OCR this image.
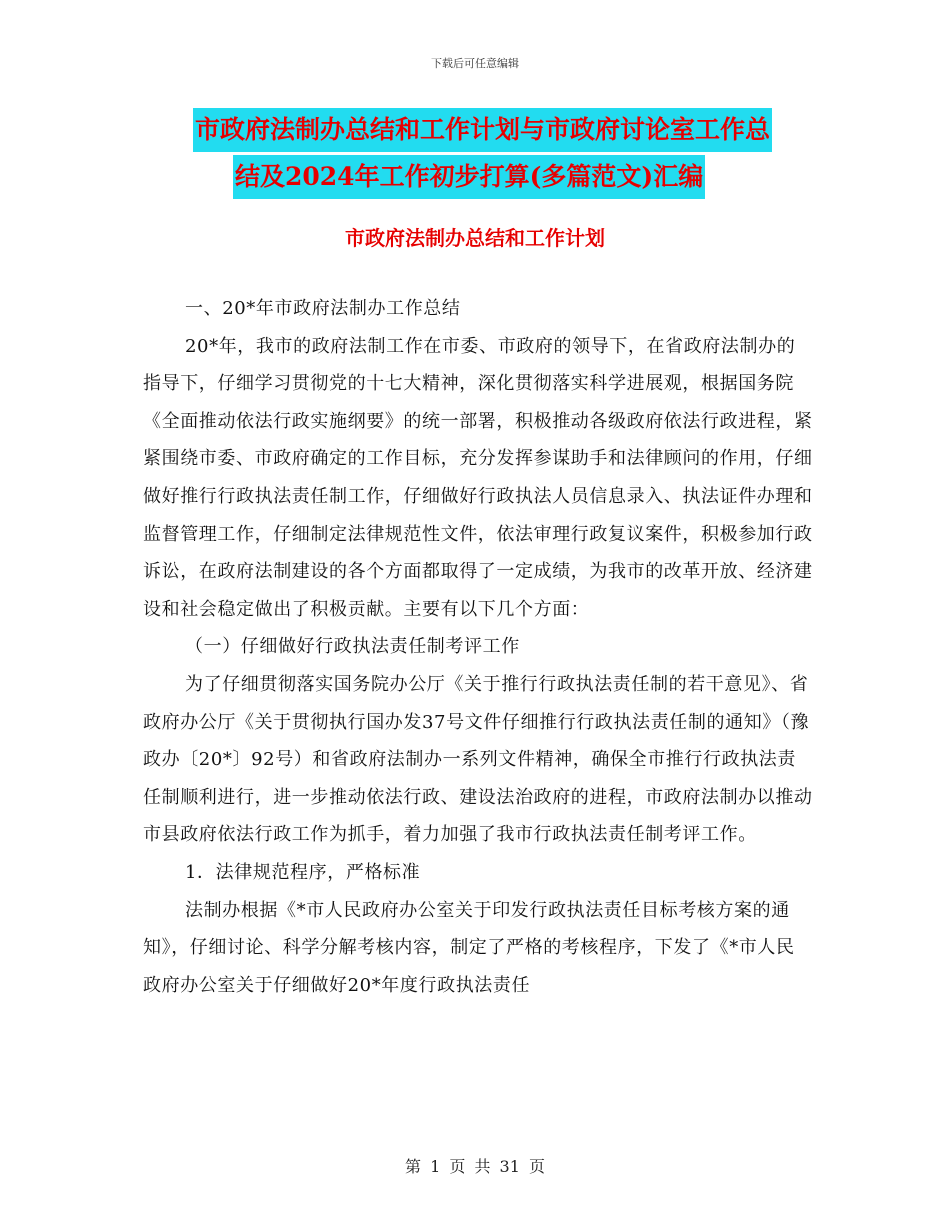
下载后可任意编辑
市政府法制办总结和工作计划与市政府讨论室工作总
结及2024年工作初步打算(多篇范文)汇编
市政府法制办总结和工作计划

一、20*年市政府法制办工作总结

20*年，我市的政府法制工作在市委、市政府的领导下，在省政府法制办的指导下，仔细学习贯彻党的十七大精神，深化贯彻落实科学进展观，根据国务院《全面推动依法行政实施纲要》的统一部署，积极推动各级政府依法行政进程，紧紧围绕市委、市政府确定的工作目标，充分发挥参谋助手和法律顾问的作用，仔细做好推行行政执法责任制工作，仔细做好行政执法人员信息录入、执法证件办理和监督管理工作，仔细制定法律规范性文件，依法审理行政复议案件，积极参加行政诉讼，在政府法制建设的各个方面都取得了一定成绩，为我市的改革开放、经济建设和社会稳定做出了积极贡献。主要有以下几个方面：

（一）仔细做好行政执法责任制考评工作

为了仔细贯彻落实国务院办公厅《关于推行行政执法责任制的若干意见》、省政府办公厅《关于贯彻执行国办发37号文件仔细推行行政执法责任制的通知》（豫政办〔20*〕92号）和省政府法制办一系列文件精神，确保全市推行行政执法责任制顺利进行，进一步推动依法行政、建设法治政府的进程，市政府法制办以推动市县政府依法行政工作为抓手，着力加强了我市行政执法责任制考评工作。

1．法律规范程序，严格标准

法制办根据《*市人民政府办公室关于印发行政执法责任目标考核方案的通知》，仔细讨论、科学分解考核内容，制定了严格的考核程序，下发了《*市人民政府办公室关于仔细做好20*年度行政执法责任

第 1 页 共 31 页
